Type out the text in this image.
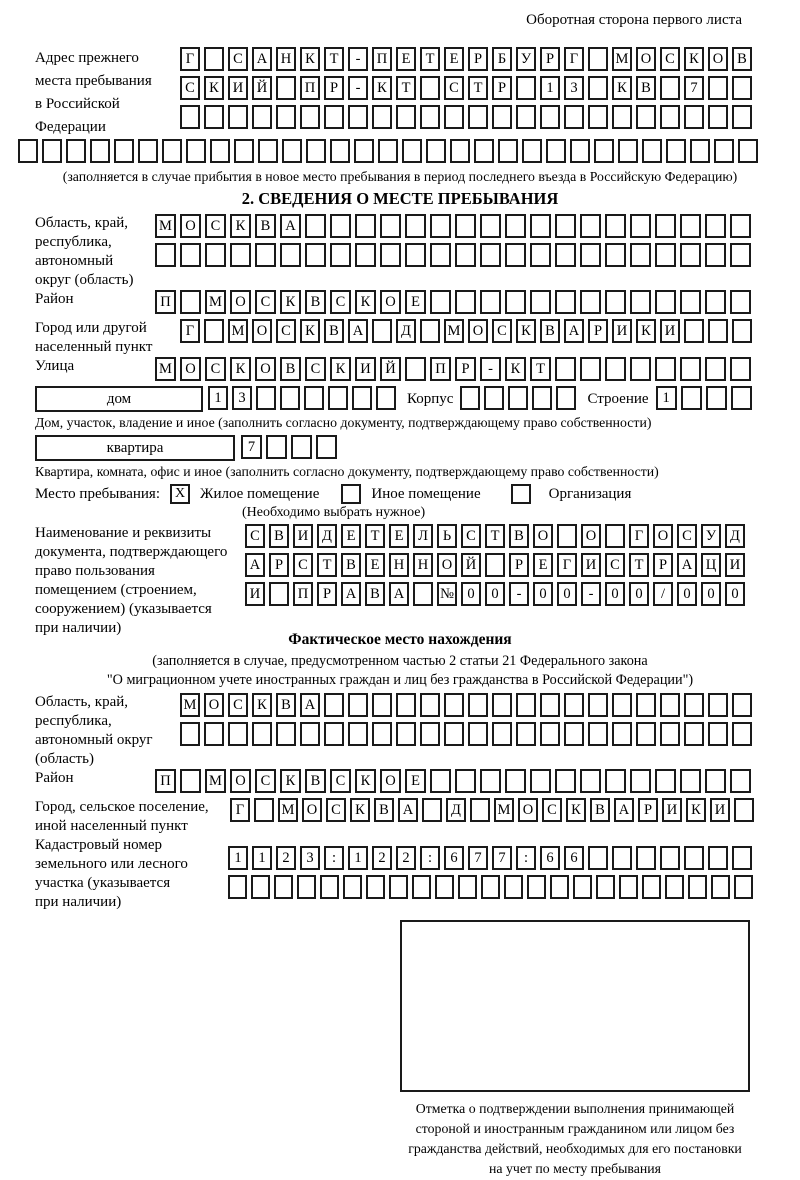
Оборотная сторона первого листа
Адрес прежнего
места пребывания
в Российской
Федерации
Г	С А Н К	Т	-	П Е	Т	Е	Р	Б	У	Р	Г	М О С К О В
С К И Й	П	Р	-	К	Т	С	Т	Р	1	3	К В	7
(заполняется в случае прибытия в новое место пребывания в период последнего въезда в Российскую Федерацию)
2. СВЕДЕНИЯ О МЕСТЕ ПРЕБЫВАНИЯ
Область, край,
республика,
автономный
округ (область)
М О	С	К	В	А
Район	П	М О	С	К	В	С	К	О	Е
Город или другой
населенный пункт
Г	М О С К В А	Д	М О С К В А	Р	И К И
Улица	М О	С	К	О	В	С	К	И	Й	П	Р	-	К	Т
дом	1	3	Корпус	Строение 1
Дом, участок, владение и иное (заполнить согласно документу, подтверждающему право собственности)
квартира	7
Квартира, комната, офис и иное (заполнить согласно документу, подтверждающему право собственности)
Место пребывания:	X Жилое помещение	Иное помещение	Организация
(Необходимо выбрать нужное)
Наименование и реквизиты
документа, подтверждающего
право пользования
помещением (строением,
сооружением) (указывается
при наличии)
С В И Д	Е	Т	Е	Л	Ь	С	Т	В О	О	Г	О С У Д
А	Р	С	Т	В	Е Н Н О Й	Р	Е	Г	И С	Т	Р	А Ц И
И	П	Р	А В А	№ 0	0	-	0	0	-	0	0	/	0	0	0
Фактическое место нахождения
(заполняется в случае, предусмотренном частью 2 статьи 21 Федерального закона
"О миграционном учете иностранных граждан и лиц без гражданства в Российской Федерации")
Область, край,
республика,
автономный округ
(область)
М О С К В А
Район	П	М О	С	К	В	С	К	О	Е
Город, сельское поселение,
иной населенный пункт
Г	М О С К В А	Д	М О С К В А	Р	И К И
Кадастровый номер
земельного или лесного
участка (указывается
при наличии)
1	1	2	3	:	1	2	2	:	6	7	7	:	6	6
Отметка о подтверждении выполнения принимающей
стороной и иностранным гражданином или лицом без
гражданства действий, необходимых для его постановки
на учет по месту пребывания
